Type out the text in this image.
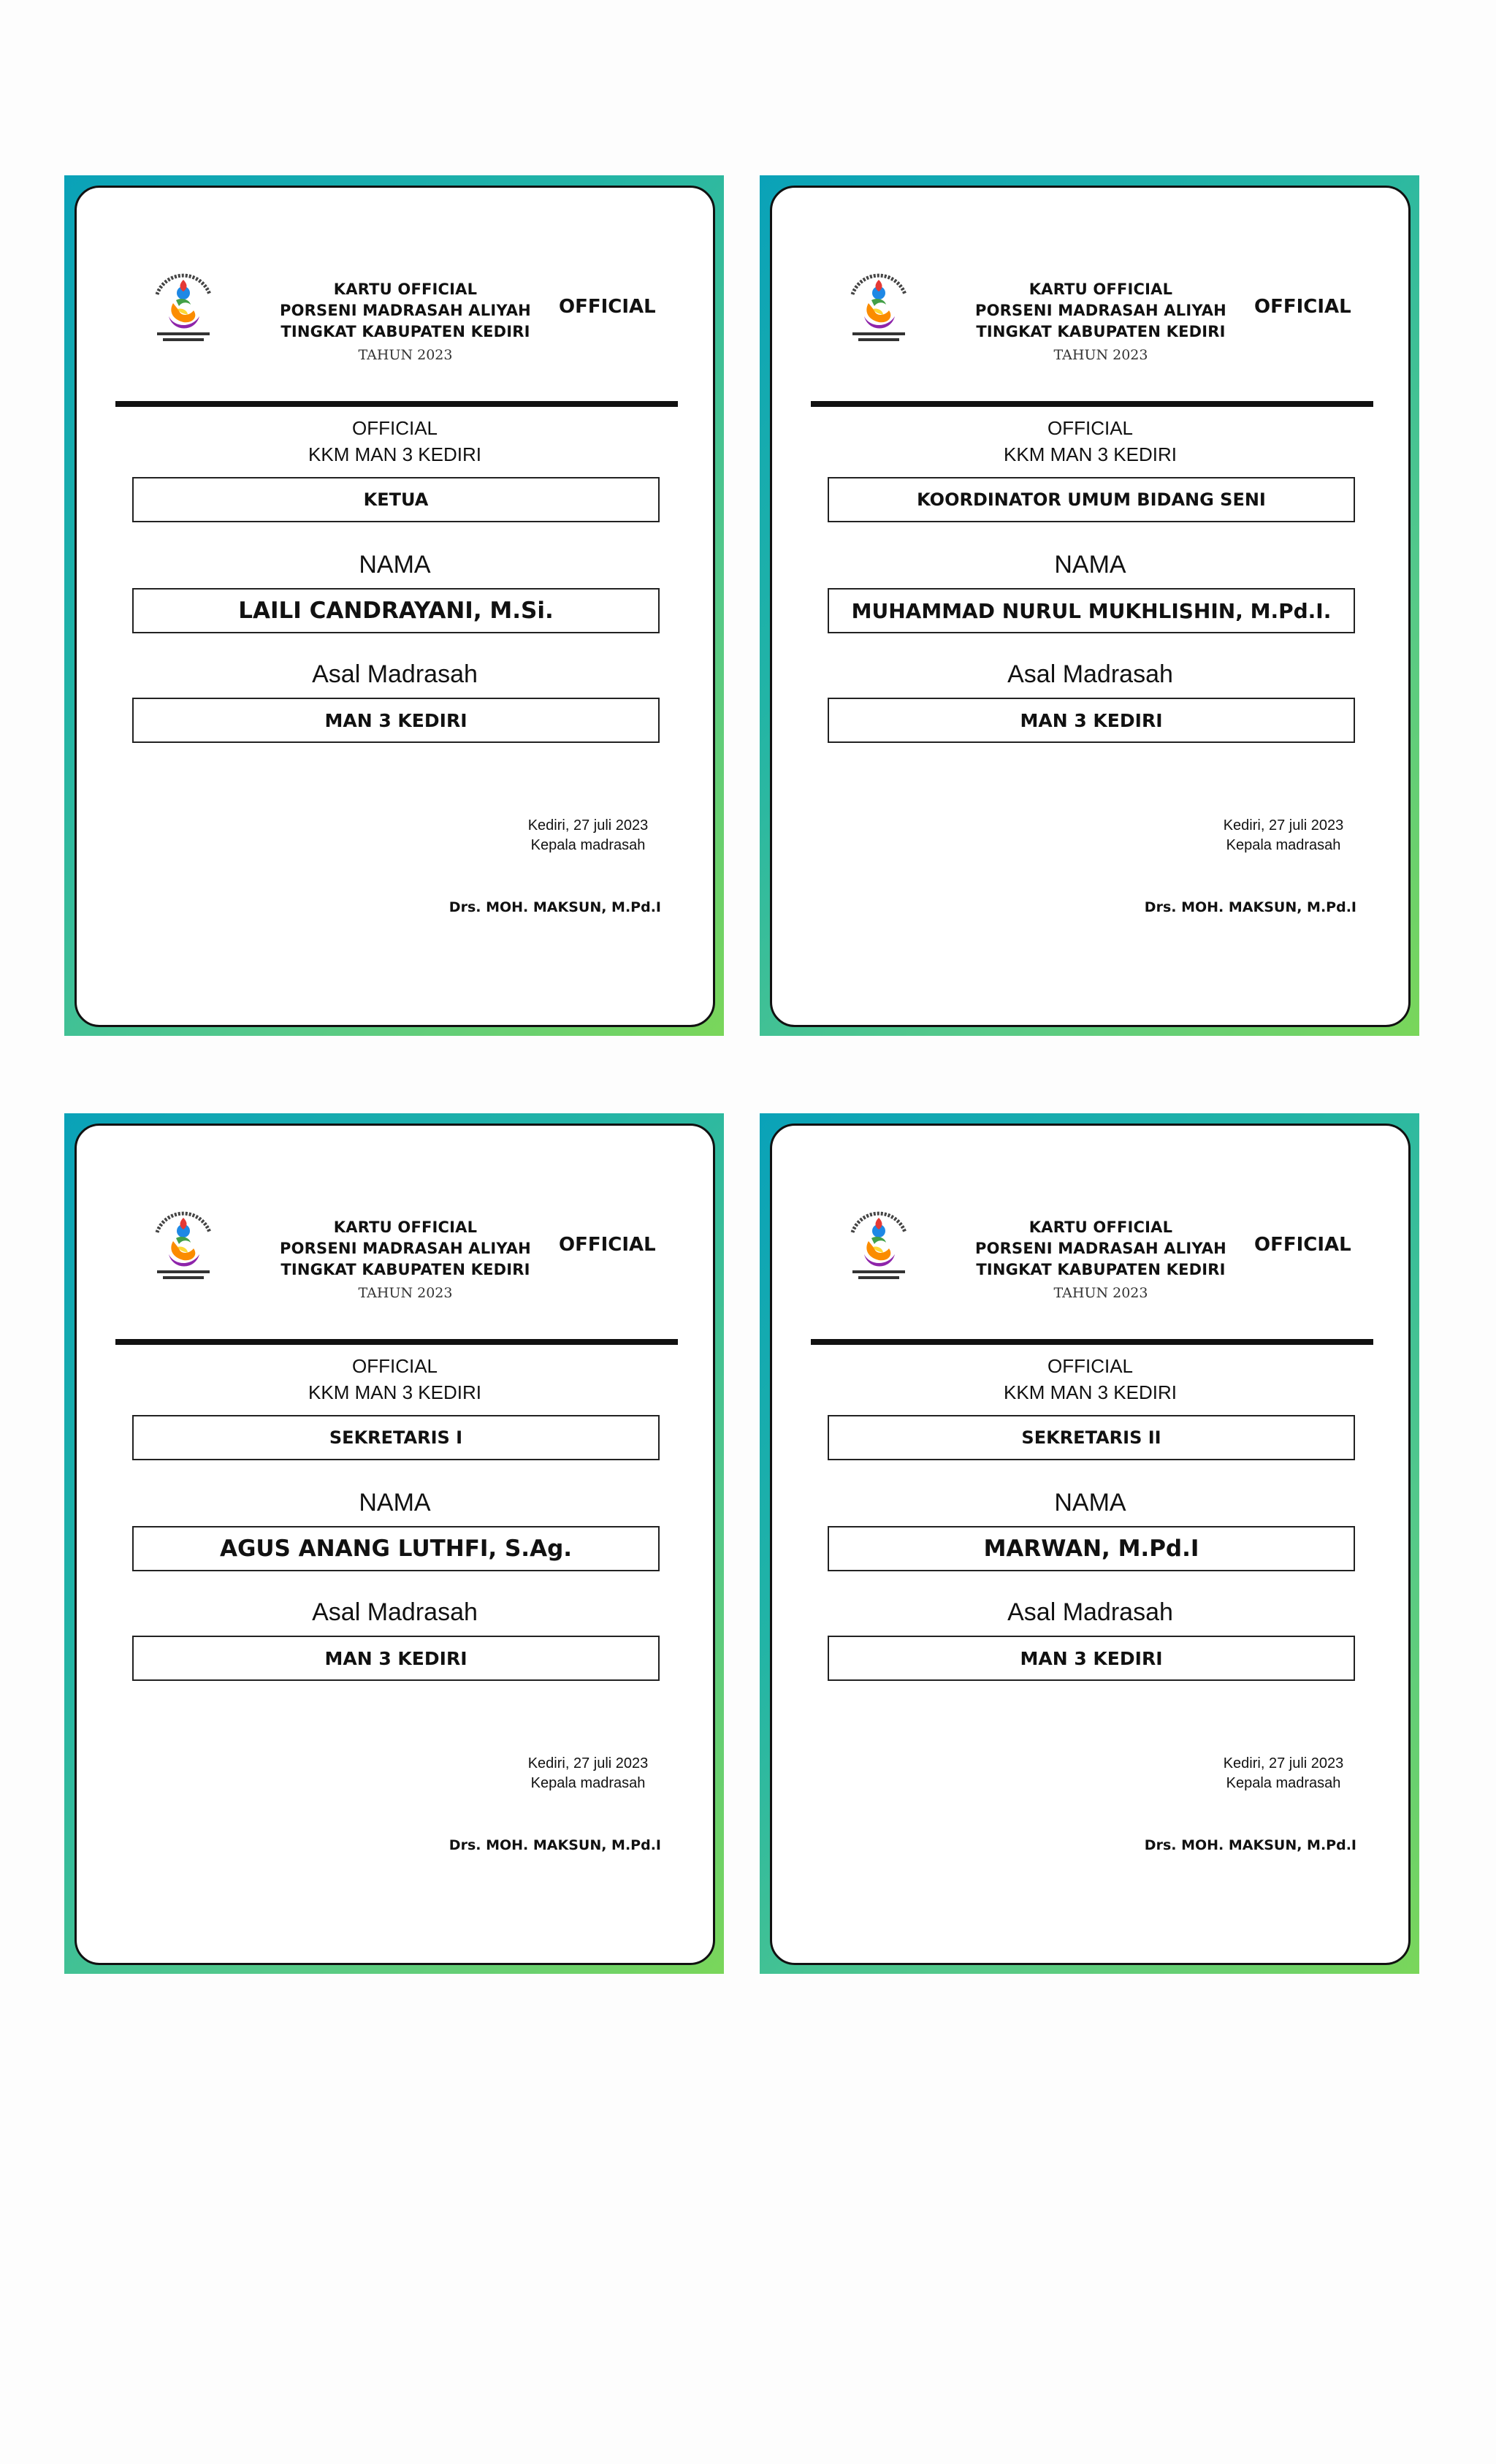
KARTU OFFICIAL
PORSENI MADRASAH ALIYAH
TINGKAT KABUPATEN KEDIRI
TAHUN 2023
OFFICIAL
OFFICIAL
KKM MAN 3 KEDIRI
KETUA
NAMA
LAILI CANDRAYANI, M.Si.
Asal Madrasah
MAN 3 KEDIRI
Kediri, 27 juli 2023
Kepala madrasah
Drs. MOH. MAKSUN, M.Pd.I
KARTU OFFICIAL
PORSENI MADRASAH ALIYAH
TINGKAT KABUPATEN KEDIRI
TAHUN 2023
OFFICIAL
OFFICIAL
KKM MAN 3 KEDIRI
KOORDINATOR UMUM BIDANG SENI
NAMA
MUHAMMAD NURUL MUKHLISHIN, M.Pd.I.
Asal Madrasah
MAN 3 KEDIRI
Kediri, 27 juli 2023
Kepala madrasah
Drs. MOH. MAKSUN, M.Pd.I
KARTU OFFICIAL
PORSENI MADRASAH ALIYAH
TINGKAT KABUPATEN KEDIRI
TAHUN 2023
OFFICIAL
OFFICIAL
KKM MAN 3 KEDIRI
SEKRETARIS I
NAMA
AGUS ANANG LUTHFI, S.Ag.
Asal Madrasah
MAN 3 KEDIRI
Kediri, 27 juli 2023
Kepala madrasah
Drs. MOH. MAKSUN, M.Pd.I
KARTU OFFICIAL
PORSENI MADRASAH ALIYAH
TINGKAT KABUPATEN KEDIRI
TAHUN 2023
OFFICIAL
OFFICIAL
KKM MAN 3 KEDIRI
SEKRETARIS II
NAMA
MARWAN, M.Pd.I
Asal Madrasah
MAN 3 KEDIRI
Kediri, 27 juli 2023
Kepala madrasah
Drs. MOH. MAKSUN, M.Pd.I
